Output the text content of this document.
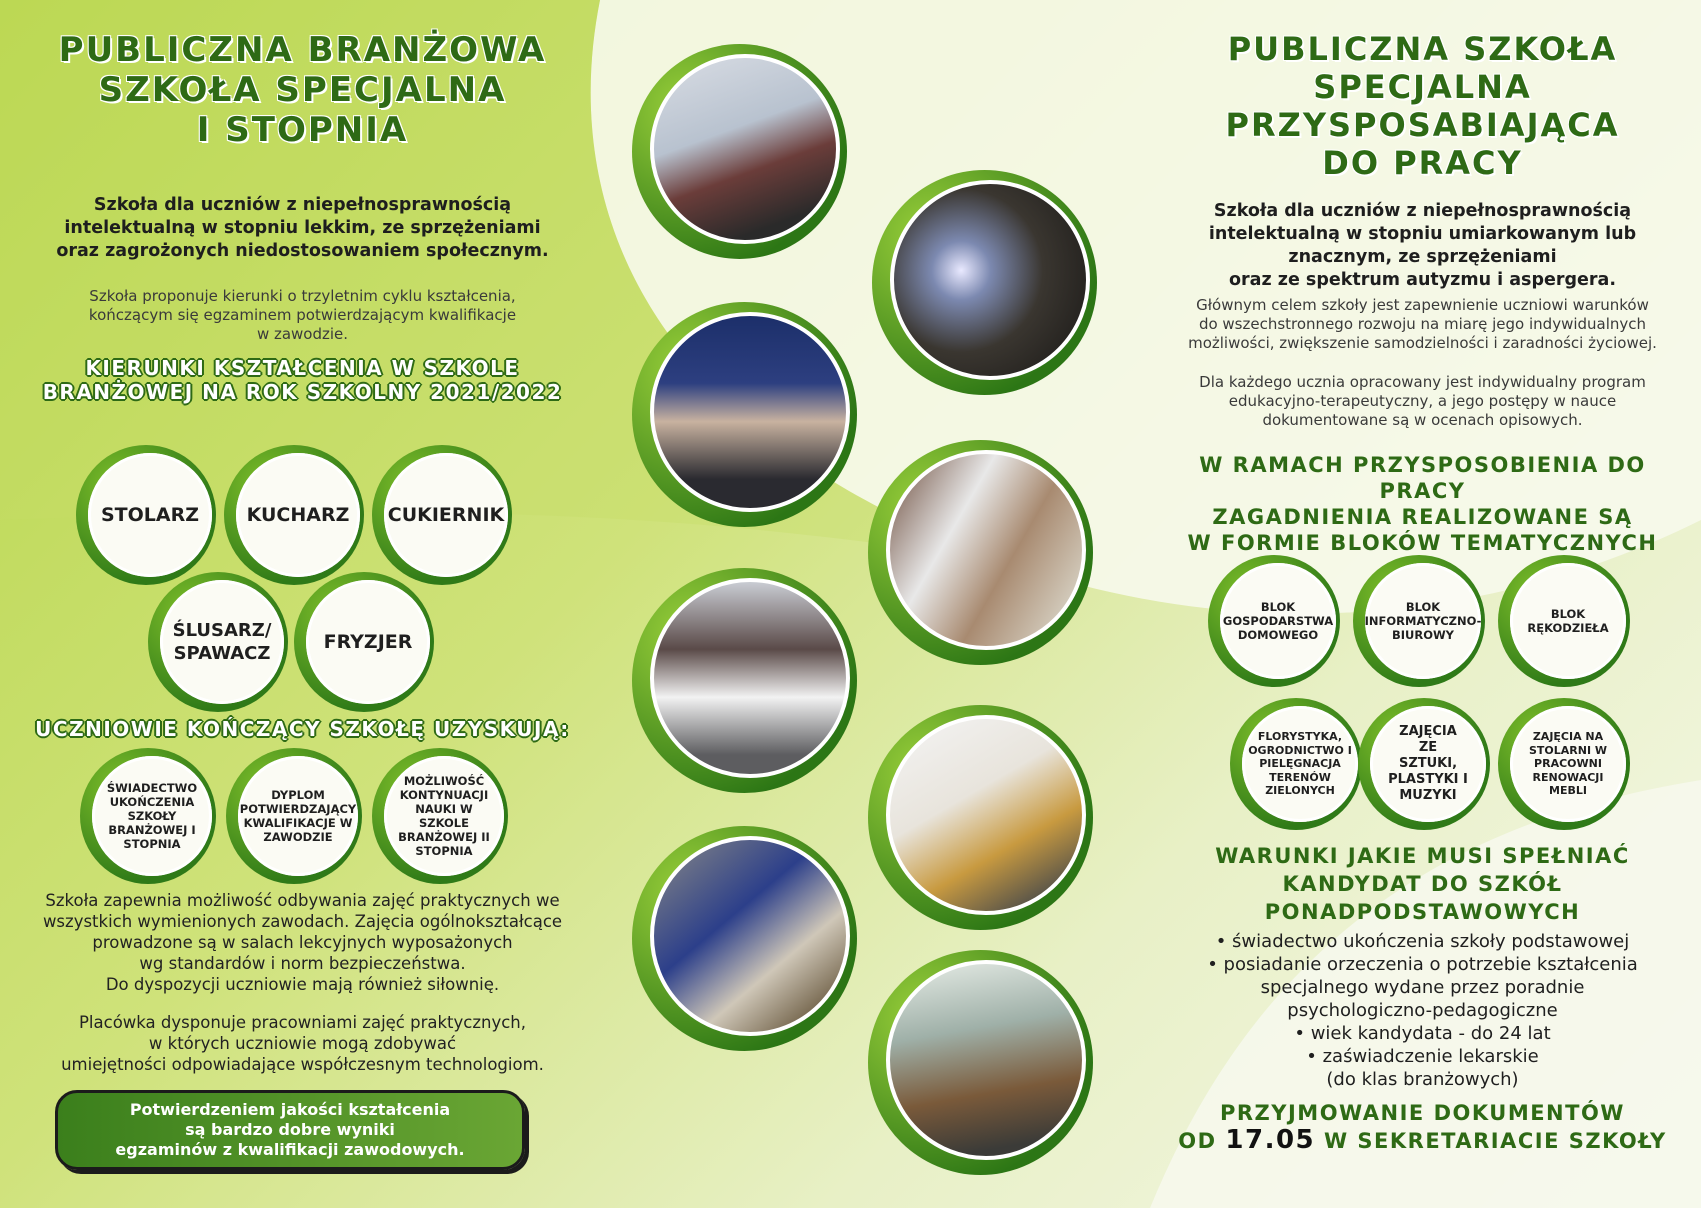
PUBLICZNA BRANŻOWA
SZKOŁA SPECJALNA
I STOPNIA
Szkoła dla uczniów z niepełnosprawnością
intelektualną w stopniu lekkim, ze sprzężeniami
oraz zagrożonych niedostosowaniem społecznym.
Szkoła proponuje kierunki o trzyletnim cyklu kształcenia,
kończącym się egzaminem potwierdzającym kwalifikacje
w zawodzie.
KIERUNKI KSZTAŁCENIA W SZKOLE
BRANŻOWEJ NA ROK SZKOLNY 2021/2022
STOLARZ	KUCHARZ CUKIERNIK
ŚLUSARZ/ SPAWACZ
FRYZJER
UCZNIOWIE KOŃCZĄCY SZKOŁĘ UZYSKUJĄ:
ŚWIADECTWO UKOŃCZENIA SZKOŁY BRANŻOWEJ I STOPNIA
DYPLOM POTWIERDZAJĄCY KWALIFIKACJE W ZAWODZIE
MOŻLIWOŚĆ KONTYNUACJI NAUKI W SZKOLE BRANŻOWEJ II STOPNIA
Szkoła zapewnia możliwość odbywania zajęć praktycznych we
wszystkich wymienionych zawodach. Zajęcia ogólnokształcące
prowadzone są w salach lekcyjnych wyposażonych
wg standardów i norm bezpieczeństwa.
Do dyspozycji uczniowie mają również siłownię.
Placówka dysponuje pracowniami zajęć praktycznych,
w których uczniowie mogą zdobywać
umiejętności odpowiadające współczesnym technologiom.
Potwierdzeniem jakości kształcenia
są bardzo dobre wyniki
egzaminów z kwalifikacji zawodowych.
PUBLICZNA SZKOŁA
SPECJALNA
PRZYSPOSABIAJĄCA
DO PRACY
Szkoła dla uczniów z niepełnosprawnością
intelektualną w stopniu umiarkowanym lub
znacznym, ze sprzężeniami
oraz ze spektrum autyzmu i aspergera.
Głównym celem szkoły jest zapewnienie uczniowi warunków
do wszechstronnego rozwoju na miarę jego indywidualnych
możliwości, zwiększenie samodzielności i zaradności życiowej.
Dla każdego ucznia opracowany jest indywidualny program
edukacyjno-terapeutyczny, a jego postępy w nauce
dokumentowane są w ocenach opisowych.
W RAMACH PRZYSPOSOBIENIA DO PRACY
ZAGADNIENIA REALIZOWANE SĄ
W FORMIE BLOKÓW TEMATYCZNYCH
BLOK GOSPODARSTWA DOMOWEGO
BLOK INFORMATYCZNO-BIUROWY
BLOK RĘKODZIEŁA
FLORYSTYKA, OGRODNICTWO I PIELĘGNACJA TERENÓW ZIELONYCH
ZAJĘCIA ZE SZTUKI, PLASTYKI I MUZYKI
ZAJĘCIA NA STOLARNI W PRACOWNI RENOWACJI MEBLI
WARUNKI JAKIE MUSI SPEŁNIAĆ
KANDYDAT DO SZKÓŁ
PONADPODSTAWOWYCH
• świadectwo ukończenia szkoły podstawowej
• posiadanie orzeczenia o potrzebie kształcenia
specjalnego wydane przez poradnie
psychologiczno-pedagogiczne
• wiek kandydata - do 24 lat
• zaświadczenie lekarskie
(do klas branżowych)
PRZYJMOWANIE DOKUMENTÓW
OD 17.05 W SEKRETARIACIE SZKOŁY
